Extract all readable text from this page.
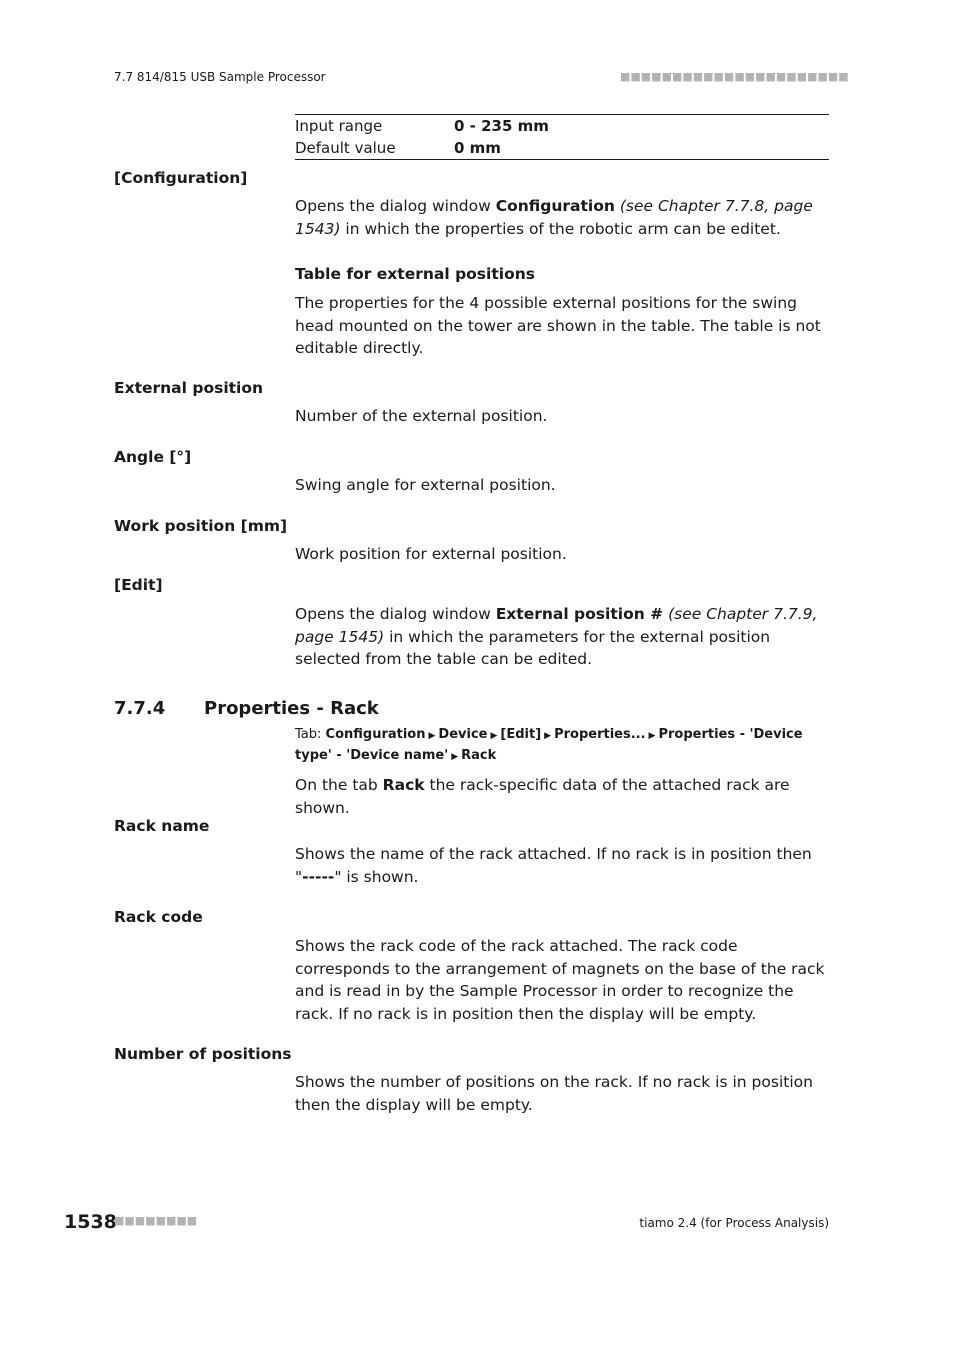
7.7 814/815 USB Sample Processor	■■■■■■■■■■■■■■■■■■■■■■
Input range	0 - 235 mm
Default value	0 mm
[Configuration]
Opens the dialog window Configuration (see Chapter 7.7.8, page 1543) in which the properties of the robotic arm can be editet.
Table for external positions
The properties for the 4 possible external positions for the swing head mounted on the tower are shown in the table. The table is not editable directly.
External position
Number of the external position.
Angle [°]
Swing angle for external position.
Work position [mm]
Work position for external position.
[Edit]
Opens the dialog window External position # (see Chapter 7.7.9, page 1545) in which the parameters for the external position selected from the table can be edited.
7.7.4 Properties - Rack
Tab: Configuration ▶ Device ▶ [Edit] ▶ Properties... ▶ Properties - 'Device type' - 'Device name' ▶ Rack
On the tab Rack the rack-specific data of the attached rack are shown.
Rack name
Shows the name of the rack attached. If no rack is in position then "-----" is shown.
Rack code
Shows the rack code of the rack attached. The rack code corresponds to the arrangement of magnets on the base of the rack and is read in by the Sample Processor in order to recognize the rack. If no rack is in position then the display will be empty.
Number of positions
Shows the number of positions on the rack. If no rack is in position then the display will be empty.
1538
■■■■■■■■	tiamo 2.4 (for Process Analysis)
